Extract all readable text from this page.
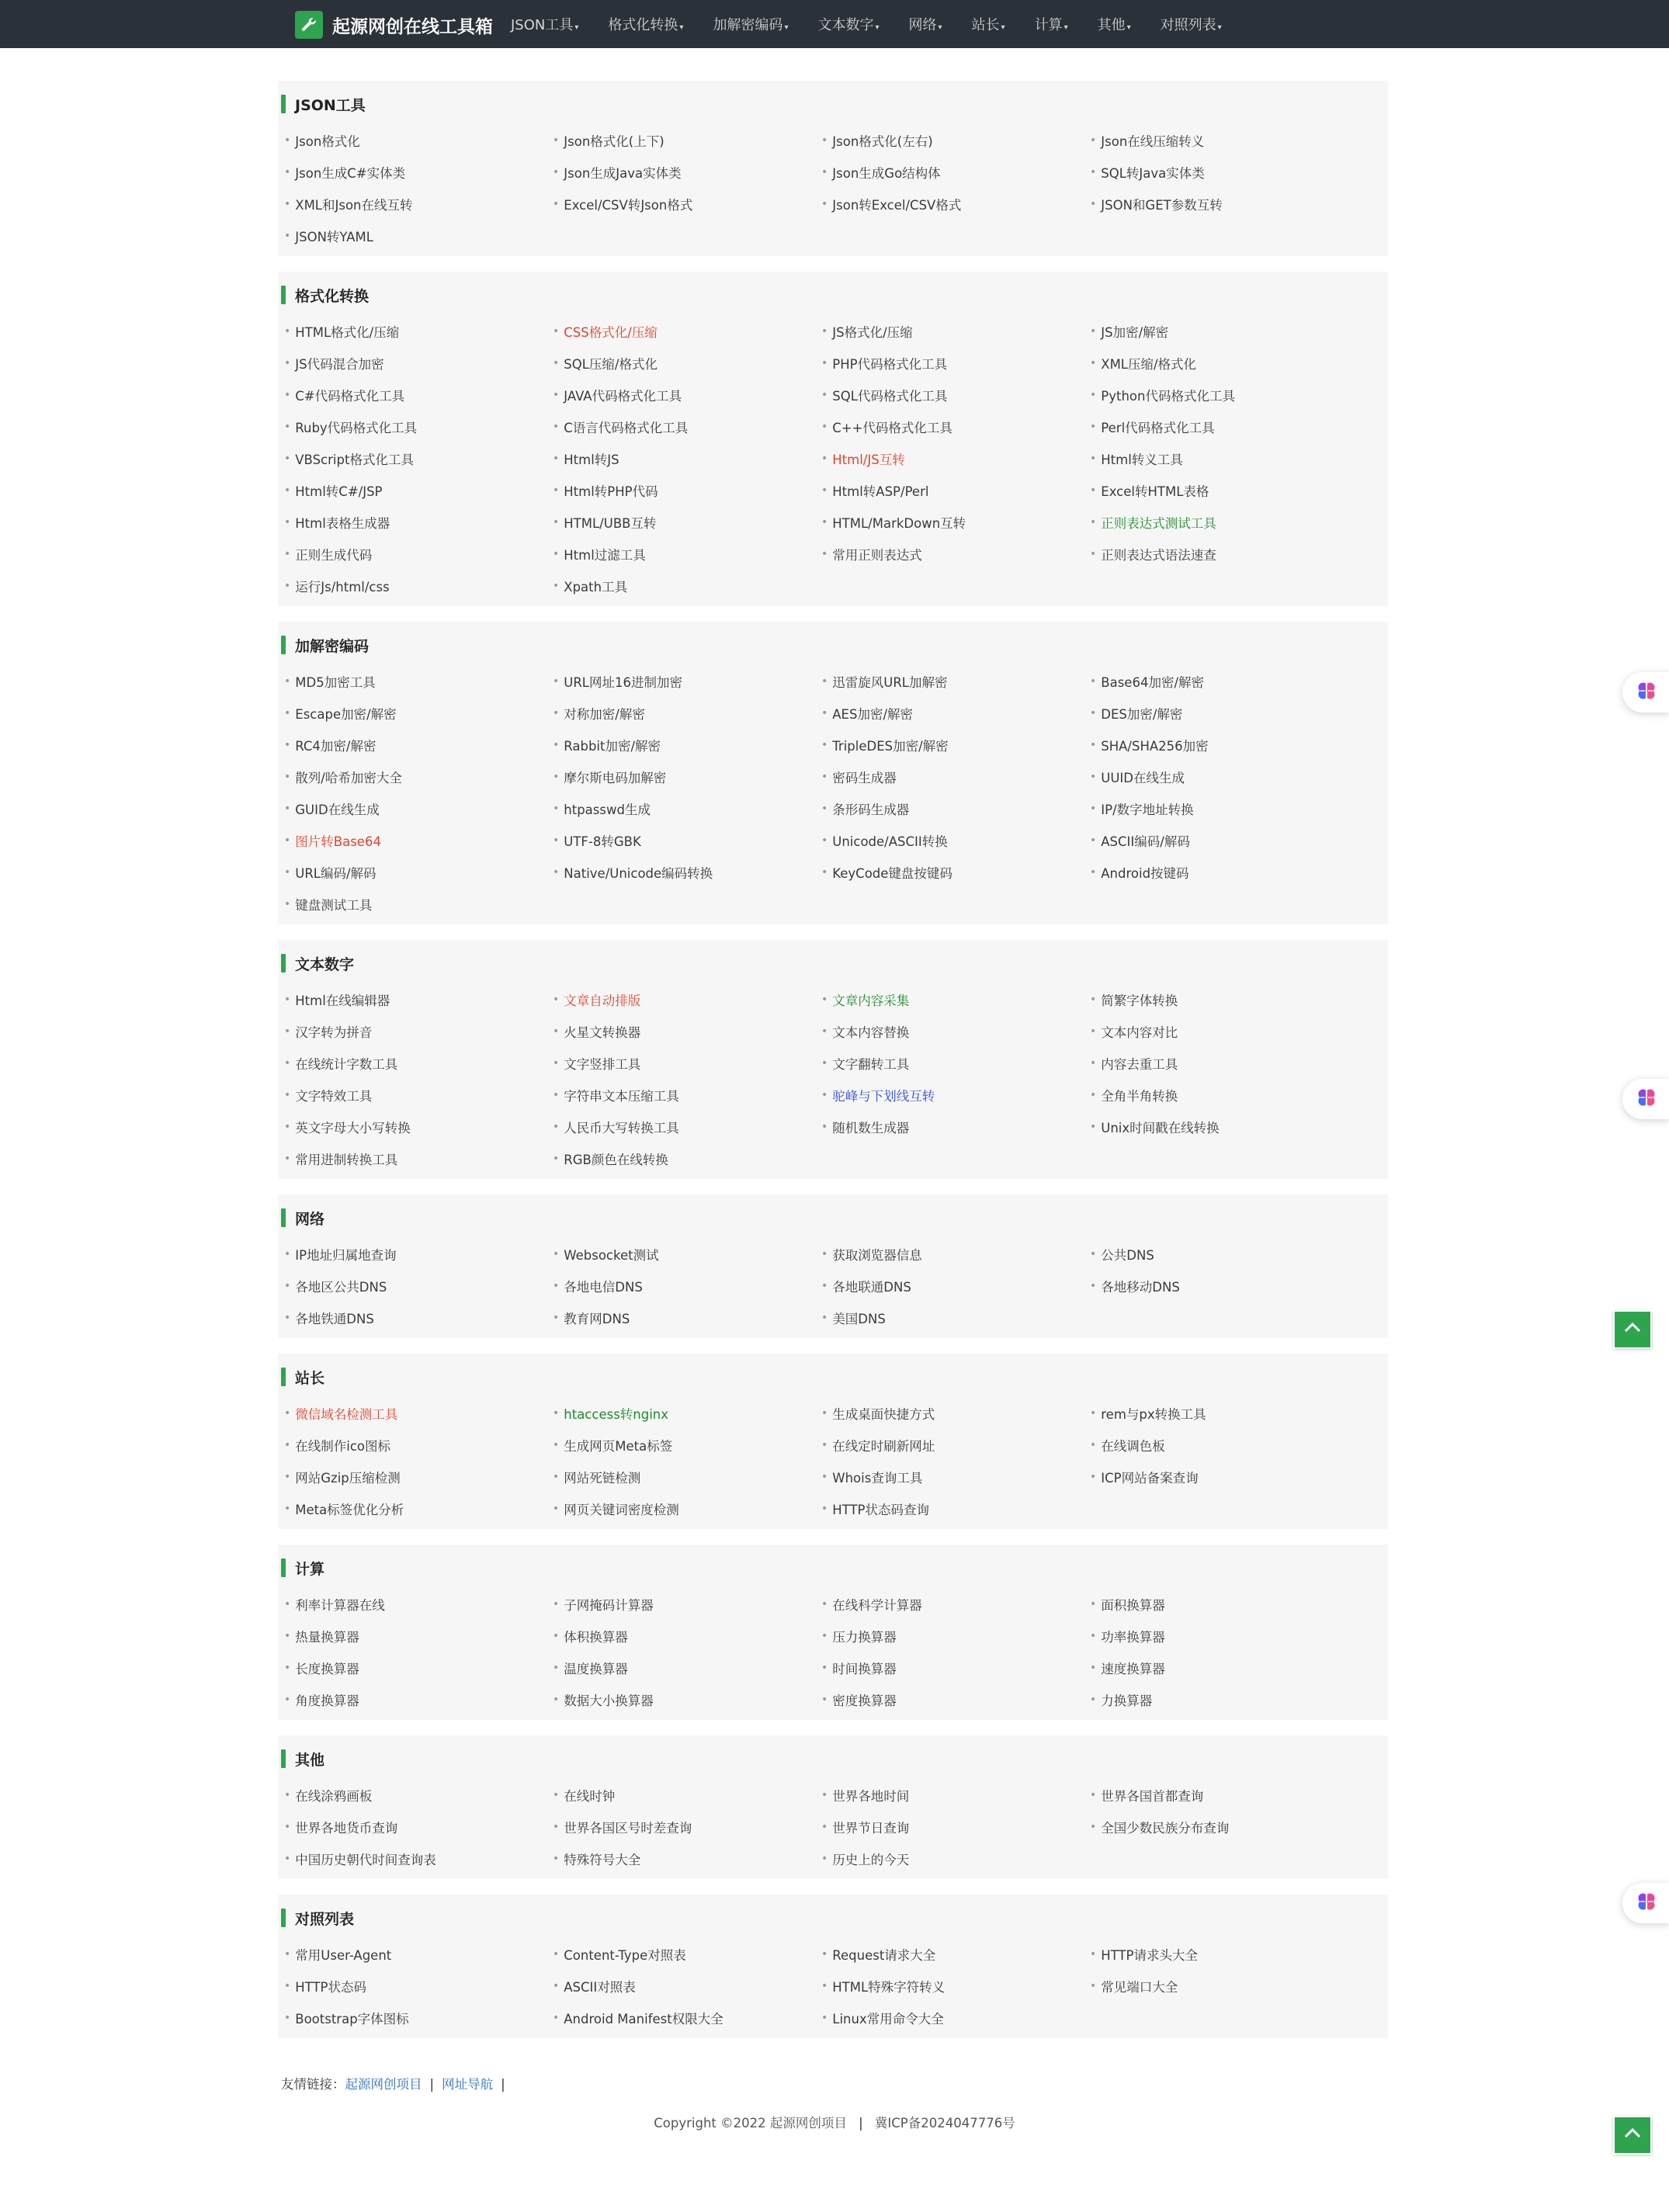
起源网创在线工具箱 JSON工具 ▾ 格式化转换 ▾ 加解密编码 ▾ 文本数字 ▾ 网络 ▾ 站长 ▾ 计算 ▾ 其他 ▾ 对照列表 ▾
JSON工具
• Json格式化	• Json格式化(上下)	• Json格式化(左右)	• Json在线压缩转义
• Json生成C#实体类	• Json生成Java实体类	• Json生成Go结构体	• SQL转Java实体类
• XML和Json在线互转	• Excel/CSV转Json格式	• Json转Excel/CSV格式	• JSON和GET参数互转
• JSON转YAML
格式化转换
• HTML格式化/压缩	• CSS格式化/压缩	• JS格式化/压缩	• JS加密/解密
• JS代码混合加密	• SQL压缩/格式化	• PHP代码格式化工具	• XML压缩/格式化
• C#代码格式化工具	• JAVA代码格式化工具	• SQL代码格式化工具	• Python代码格式化工具
• Ruby代码格式化工具	• C语言代码格式化工具	• C++代码格式化工具	• Perl代码格式化工具
• VBScript格式化工具	• Html转JS	• Html/JS互转	• Html转义工具
• Html转C#/JSP	• Html转PHP代码	• Html转ASP/Perl	• Excel转HTML表格
• Html表格生成器	• HTML/UBB互转	• HTML/MarkDown互转	• 正则表达式测试工具
• 正则生成代码	• Html过滤工具	• 常用正则表达式	• 正则表达式语法速查
• 运行Js/html/css	• Xpath工具
加解密编码
• MD5加密工具	• URL网址16进制加密	• 迅雷旋风URL加解密	• Base64加密/解密
• Escape加密/解密	• 对称加密/解密	• AES加密/解密	• DES加密/解密
• RC4加密/解密	• Rabbit加密/解密	• TripleDES加密/解密	• SHA/SHA256加密
• 散列/哈希加密大全	• 摩尔斯电码加解密	• 密码生成器	• UUID在线生成
• GUID在线生成	• htpasswd生成	• 条形码生成器	• IP/数字地址转换
• 图片转Base64	• UTF-8转GBK	• Unicode/ASCII转换	• ASCII编码/解码
• URL编码/解码	• Native/Unicode编码转换	• KeyCode键盘按键码	• Android按键码
• 键盘测试工具
文本数字
• Html在线编辑器	• 文章自动排版	• 文章内容采集	• 简繁字体转换
• 汉字转为拼音	• 火星文转换器	• 文本内容替换	• 文本内容对比
• 在线统计字数工具	• 文字竖排工具	• 文字翻转工具	• 内容去重工具
• 文字特效工具	• 字符串文本压缩工具	• 驼峰与下划线互转	• 全角半角转换
• 英文字母大小写转换	• 人民币大写转换工具	• 随机数生成器	• Unix时间戳在线转换
• 常用进制转换工具	• RGB颜色在线转换
网络
• IP地址归属地查询	• Websocket测试	• 获取浏览器信息	• 公共DNS
• 各地区公共DNS	• 各地电信DNS	• 各地联通DNS	• 各地移动DNS
• 各地铁通DNS	• 教育网DNS	• 美国DNS
站长
• 微信域名检测工具	• htaccess转nginx	• 生成桌面快捷方式	• rem与px转换工具
• 在线制作ico图标	• 生成网页Meta标签	• 在线定时刷新网址	• 在线调色板
• 网站Gzip压缩检测	• 网站死链检测	• Whois查询工具	• ICP网站备案查询
• Meta标签优化分析	• 网页关键词密度检测	• HTTP状态码查询
计算
• 利率计算器在线	• 子网掩码计算器	• 在线科学计算器	• 面积换算器
• 热量换算器	• 体积换算器	• 压力换算器	• 功率换算器
• 长度换算器	• 温度换算器	• 时间换算器	• 速度换算器
• 角度换算器	• 数据大小换算器	• 密度换算器	• 力换算器
其他
• 在线涂鸦画板	• 在线时钟	• 世界各地时间	• 世界各国首都查询
• 世界各地货币查询	• 世界各国区号时差查询	• 世界节日查询	• 全国少数民族分布查询
• 中国历史朝代时间查询表	• 特殊符号大全	• 历史上的今天
对照列表
• 常用User-Agent	• Content-Type对照表	• Request请求大全	• HTTP请求头大全
• HTTP状态码	• ASCII对照表	• HTML特殊字符转义	• 常见端口大全
• Bootstrap字体图标	• Android Manifest权限大全	• Linux常用命令大全
友情链接： 起源网创项目 | 网址导航 |
Copyright ©2022 起源网创项目 | 冀ICP备2024047776号
